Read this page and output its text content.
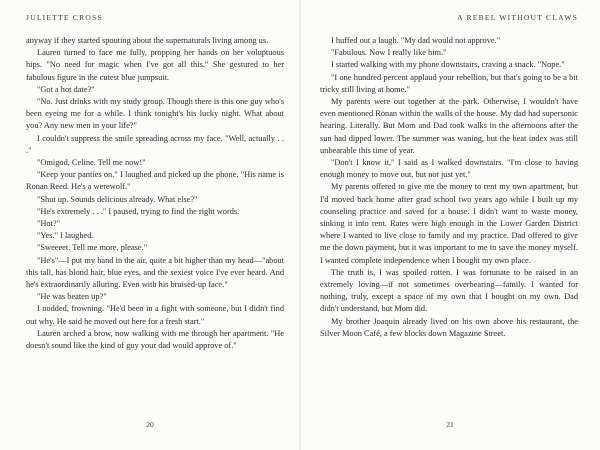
JULIETTE CROSS

anyway if they started spouting about the supernaturals living among us.

Lauren turned to face me fully, propping her hands on her voluptuous hips. "No need for magic when I've got all this." She gestured to her fabulous figure in the cutest blue jumpsuit.

"Got a hot date?"

"No. Just drinks with my study group. Though there is this one guy who's been eyeing me for a while. I think tonight's his lucky night. What about you? Any new men in your life?"

I couldn't suppress the smile spreading across my face. "Well, actually . . ."

"Omigod, Celine. Tell me now!"

"Keep your panties on." I laughed and picked up the phone. "His name is Ronan Reed. He's a werewolf."

"Shut up. Sounds delicious already. What else?"

"He's extremely . . ." I paused, trying to find the right words.

"Hot?"

"Yes." I laughed.

"Sweeeet. Tell me more, please."

"He's"—I put my hand in the air, quite a bit higher than my head—"about this tall, has blond hair, blue eyes, and the sexiest voice I've ever heard. And he's extraordinarily alluring. Even with his bruised-up face."

"He was beaten up?"

I nodded, frowning. "He'd been in a fight with someone, but I didn't find out why. He said he moved out here for a fresh start."

Lauren arched a brow, now walking with me through her apartment. "He doesn't sound like the kind of guy your dad would approve of."

20
A REBEL WITHOUT CLAWS

I huffed out a laugh. "My dad would not approve."

"Fabulous. Now I really like him."

I started walking with my phone downstairs, craving a snack. "Nope."

"I one hundred percent applaud your rebellion, but that's going to be a bit tricky still living at home."

My parents were out together at the park. Otherwise, I wouldn't have even mentioned Ronan within the walls of the house. My dad had supersonic hearing. Literally. But Mom and Dad took walks in the afternoons after the sun had dipped lower. The summer was waning, but the heat index was still unbearable this time of year.

"Don't I know it," I said as I walked downstairs. "I'm close to having enough money to move out, but not just yet."

My parents offered to give me the money to rent my own apartment, but I'd moved back home after grad school two years ago while I built up my counseling practice and saved for a house. I didn't want to waste money, sinking it into rent. Rates were high enough in the Lower Garden District where I wanted to live close to family and my practice. Dad offered to give me the down payment, but it was important to me to save the money myself. I wanted complete independence when I bought my own place.

The truth is, I was spoiled rotten. I was fortunate to be raised in an extremely loving—if not sometimes overbearing—family. I wanted for nothing, truly, except a space of my own that I bought on my own. Dad didn't understand, but Mom did.

My brother Joaquin already lived on his own above his restaurant, the Silver Moon Café, a few blocks down Magazine Street.

21
